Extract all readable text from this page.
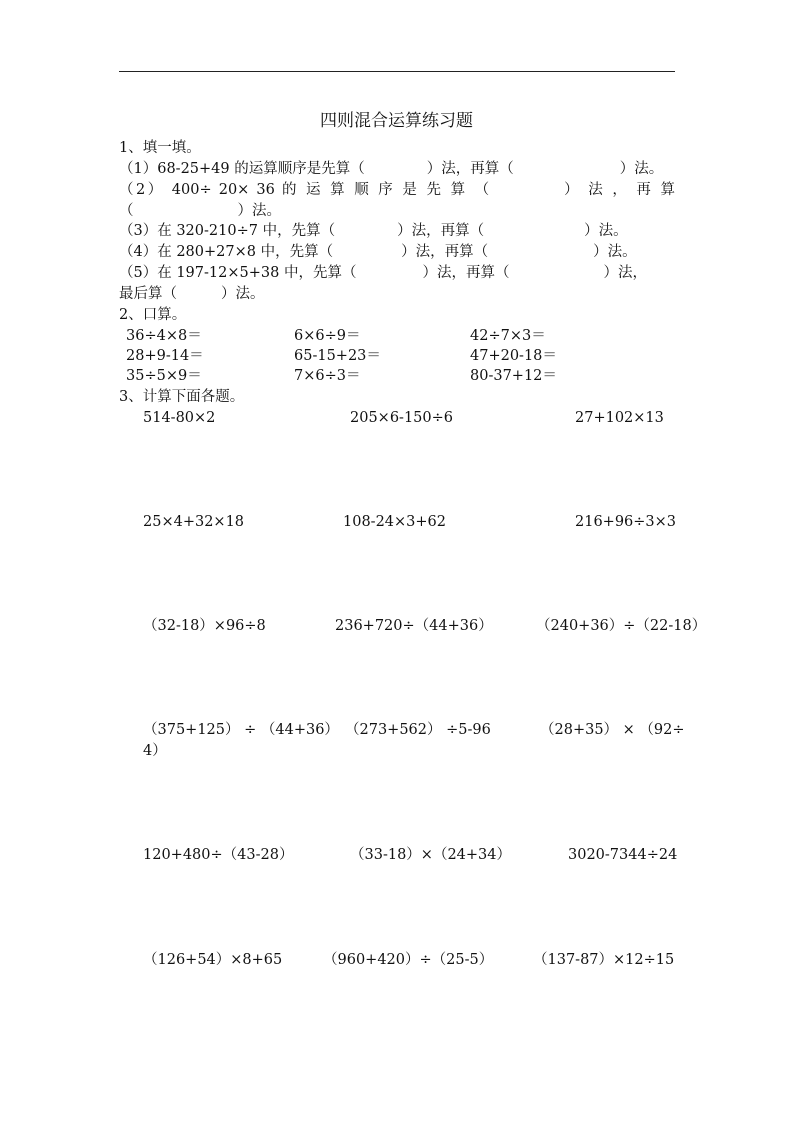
四则混合运算练习题
1、填一填。
（1）68-25+49 的运算顺序是先算（	）法，再算（	）法。
（2） 400÷ 20× 36 的 运 算 顺 序 是 先 算 （	） 法 ， 再 算
（	）法。
（3）在 320-210÷7 中，先算（	）法，再算（	）法。
（4）在 280+27×8 中，先算（	）法，再算（	）法。
（5）在 197-12×5+38 中，先算（	）法，再算（	）法，
最后算（	）法。
2、口算。
36÷4×8＝	6×6÷9＝	42÷7×3＝
28+9-14＝	65-15+23＝	47+20-18＝
35÷5×9＝	7×6÷3＝	80-37+12＝
3、计算下面各题。
514-80×2	205×6-150÷6	27+102×13
25×4+32×18	108-24×3+62	216+96÷3×3
（32-18）×96÷8	236+720÷（44+36）	（240+36）÷（22-18）
（375+125） ÷ （44+36） （273+562） ÷5-96	（28+35） × （92÷
4）
120+480÷（43-28）	（33-18）×（24+34）	3020-7344÷24
（126+54）×8+65	（960+420）÷（25-5）	（137-87）×12÷15
